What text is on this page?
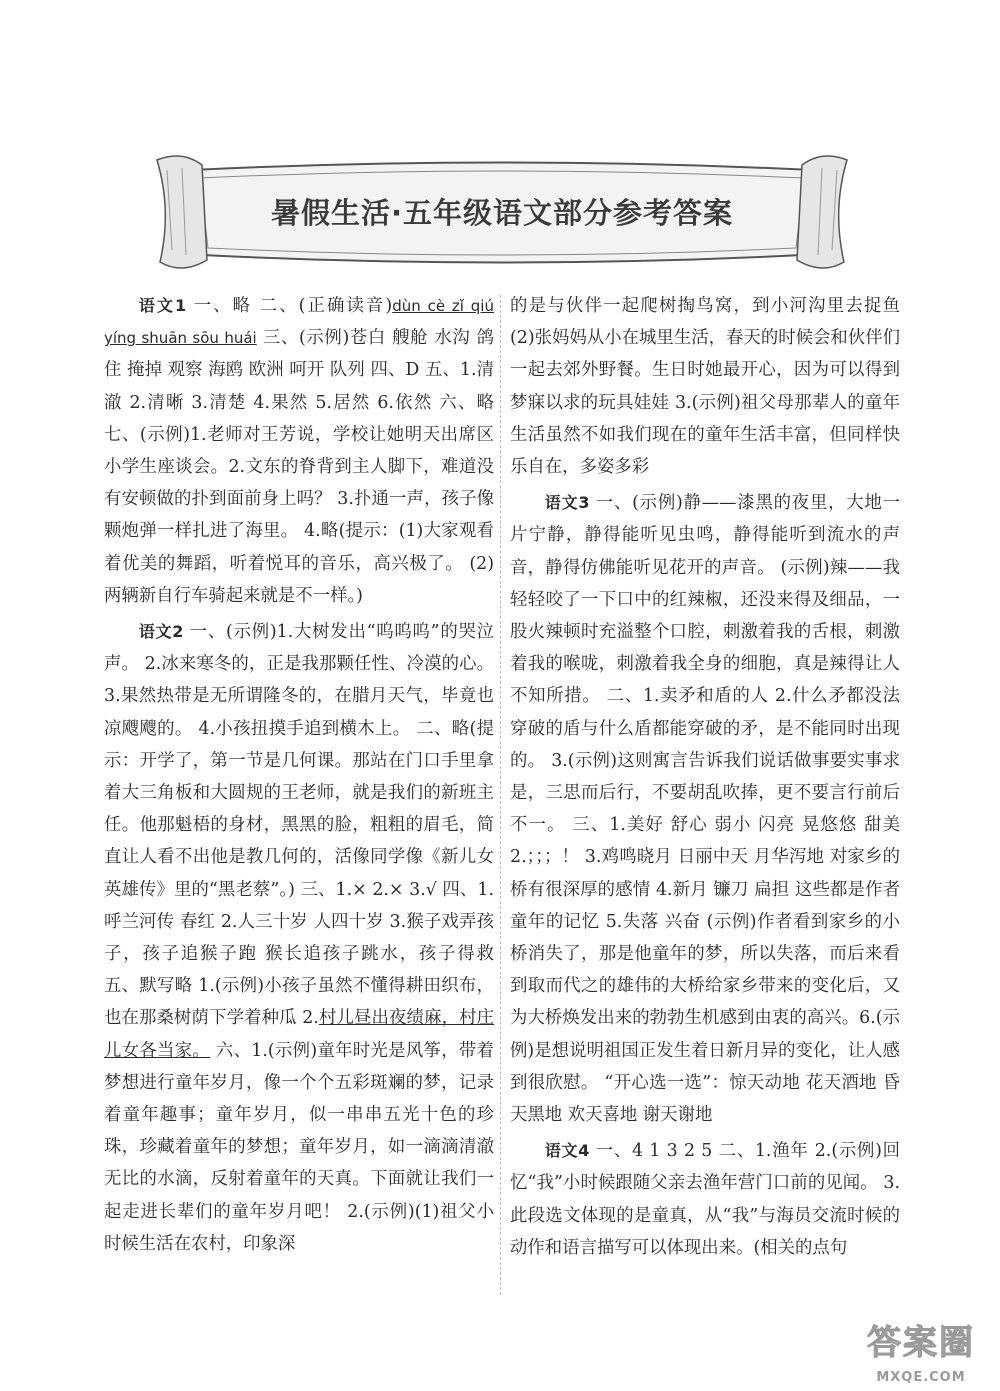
暑假生活·五年级语文部分参考答案

语文1 一、略 二、(正确读音)dùn cè zǐ qiú yíng shuān sōu huái 三、(示例)苍白 艘舱 水沟 鸽住 掩掉 观察 海鸥 欧洲 呵开 队列 四、D 五、1.清澈 2.清晰 3.清楚 4.果然 5.居然 6.依然 六、略 七、(示例)1.老师对王芳说，学校让她明天出席区小学生座谈会。2.文东的脊背到主人脚下，难道没有安顿做的扑到面前身上吗？ 3.扑通一声，孩子像颗炮弹一样扎进了海里。 4.略(提示：(1)大家观看着优美的舞蹈，听着悦耳的音乐，高兴极了。 (2)两辆新自行车骑起来就是不一样。)

语文2 一、(示例)1.大树发出“呜呜呜”的哭泣声。 2.冰来寒冬的，正是我那颗任性、冷漠的心。3.果然热带是无所谓隆冬的，在腊月天气，毕竟也凉飕飕的。 4.小孩扭摸手追到横木上。 二、略(提示：开学了，第一节是几何课。那站在门口手里拿着大三角板和大圆规的王老师，就是我们的新班主任。他那魁梧的身材，黑黑的脸，粗粗的眉毛，简直让人看不出他是教几何的，活像同学像《新儿女英雄传》里的“黑老蔡”。) 三、1.× 2.× 3.√ 四、1.呼兰河传 春红 2.人三十岁 人四十岁 3.猴子戏弄孩子，孩子追猴子跑 猴长追孩子跳水，孩子得救 五、默写略 1.(示例)小孩子虽然不懂得耕田织布，也在那桑树荫下学着种瓜 2.村儿昼出夜绩麻，村庄儿女各当家。 六、1.(示例)童年时光是风筝，带着梦想进行童年岁月，像一个个五彩斑斓的梦，记录着童年趣事；童年岁月，似一串串五光十色的珍珠，珍藏着童年的梦想；童年岁月，如一滴滴清澈无比的水滴，反射着童年的天真。下面就让我们一起走进长辈们的童年岁月吧！ 2.(示例)(1)祖父小时候生活在农村，印象深

的是与伙伴一起爬树掏鸟窝，到小河沟里去捉鱼 (2)张妈妈从小在城里生活，春天的时候会和伙伴们一起去郊外野餐。生日时她最开心，因为可以得到梦寐以求的玩具娃娃 3.(示例)祖父母那辈人的童年生活虽然不如我们现在的童年生活丰富，但同样快乐自在，多姿多彩

语文3 一、(示例)静——漆黑的夜里，大地一片宁静，静得能听见虫鸣，静得能听到流水的声音，静得仿佛能听见花开的声音。 (示例)辣——我轻轻咬了一下口中的红辣椒，还没来得及细品，一股火辣顿时充溢整个口腔，刺激着我的舌根，刺激着我的喉咙，刺激着我全身的细胞，真是辣得让人不知所措。 二、1.卖矛和盾的人 2.什么矛都没法穿破的盾与什么盾都能穿破的矛，是不能同时出现的。 3.(示例)这则寓言告诉我们说话做事要实事求是，三思而后行，不要胡乱吹捧，更不要言行前后不一。 三、1.美好 舒心 弱小 闪亮 晃悠悠 甜美 2.；；；！ 3.鸡鸣晓月 日丽中天 月华泻地 对家乡的桥有很深厚的感情 4.新月 镰刀 扁担 这些都是作者童年的记忆 5.失落 兴奋 (示例)作者看到家乡的小桥消失了，那是他童年的梦，所以失落，而后来看到取而代之的雄伟的大桥给家乡带来的变化后，又为大桥焕发出来的勃勃生机感到由衷的高兴。6.(示例)是想说明祖国正发生着日新月异的变化，让人感到很欣慰。 “开心选一选”：惊天动地 花天酒地 昏天黑地 欢天喜地 谢天谢地

语文4 一、4 1 3 2 5 二、1.渔年 2.(示例)回忆“我”小时候跟随父亲去渔年营门口前的见闻。 3.此段选文体现的是童真，从“我”与海员交流时候的动作和语言描写可以体现出来。(相关的点句

答案圈
MXQE.COM
